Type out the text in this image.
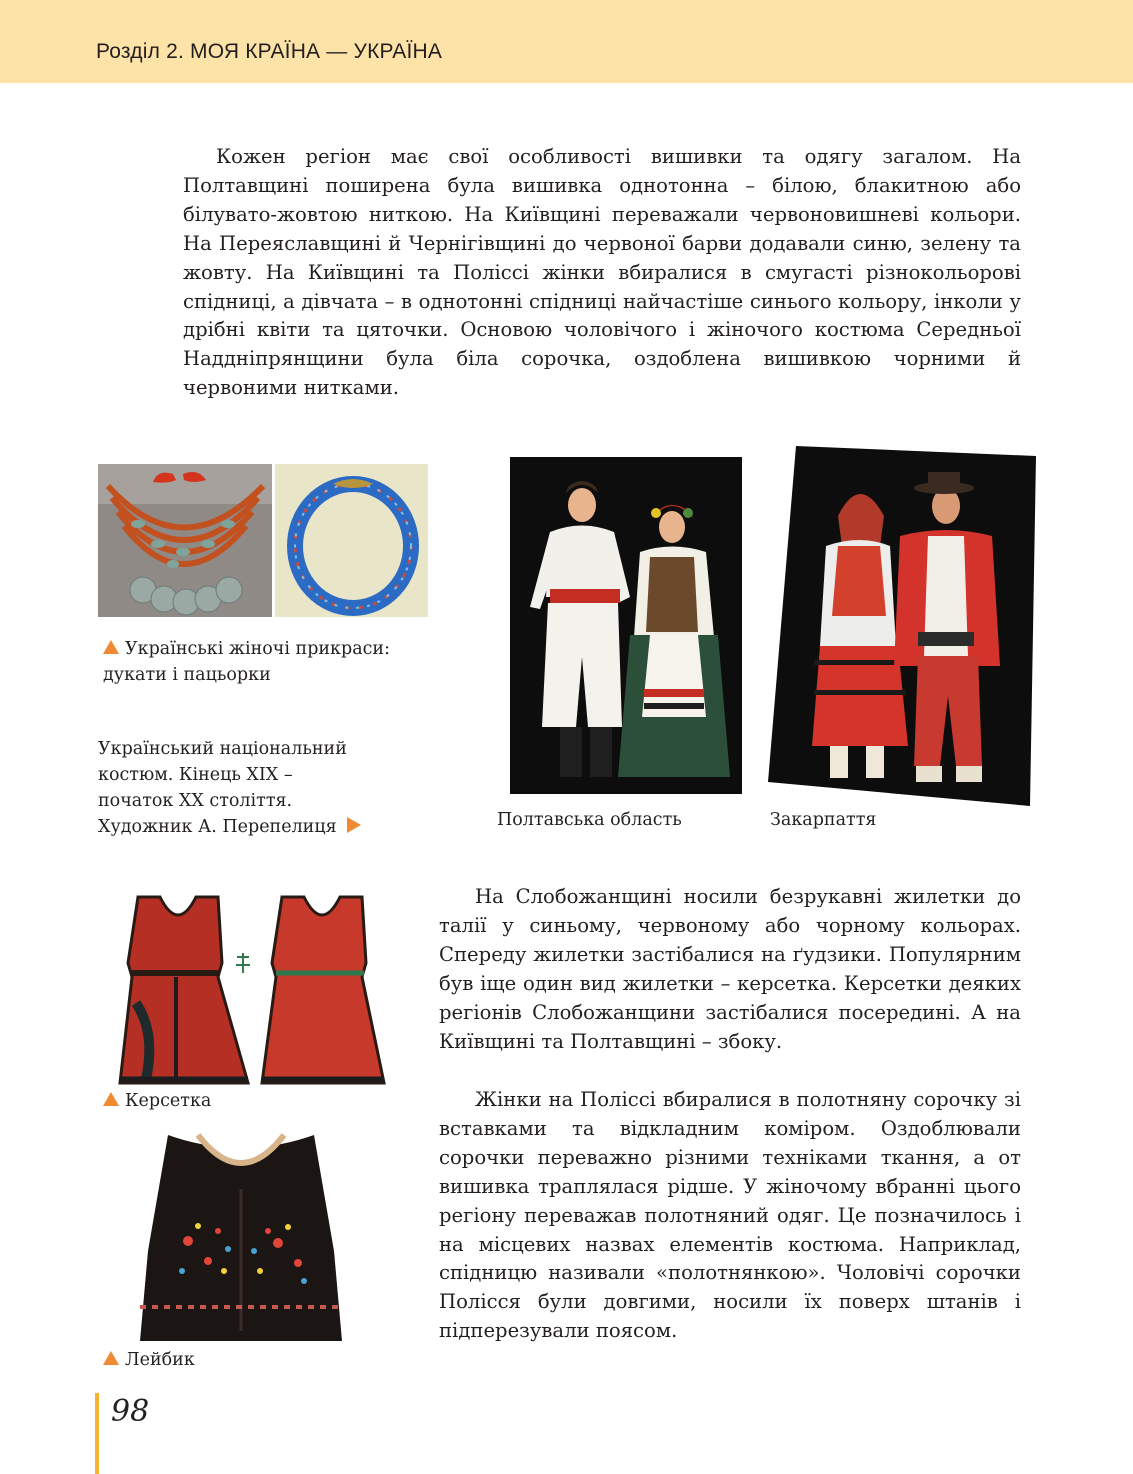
Розділ 2. МОЯ КРАЇНА — УКРАЇНА

Кожен регіон має свої особливості вишивки та одягу загалом. На Полтавщині поширена була вишивка однотонна – білою, блакитною або білувато-жовтою ниткою. На Київщині переважали червоновишневі кольори. На Переяславщині й Чернігівщині до червоної барви додавали синю, зелену та жовту. На Київщині та Поліссі жінки вбиралися в смугасті різнокольорові спідниці, а дівчата – в однотонні спідниці найчастіше синього кольору, інколи у дрібні квіти та цяточки. Основою чоловічого і жіночого костюма Середньої Наддніпрянщини була біла сорочка, оздоблена вишивкою чорними й червоними нитками.

Українські жіночі прикраси:
дукати і пацьорки
Український національний
костюм. Кінець XIX –
початок XX століття.
Художник А. Перепелиця	Полтавська область	Закарпаття
Керсетка
Лейбик

На Слобожанщині носили безрукавні жилетки до талії у синьому, червоному або чорному кольорах. Спереду жилетки застібалися на ґудзики. Популярним був іще один вид жилетки – керсетка. Керсетки деяких регіонів Слобожанщини застібалися посередині. А на Київщині та Полтавщині – збоку.

Жінки на Поліссі вбиралися в полотняну сорочку зі вставками та відкладним коміром. Оздоблювали сорочки переважно різними техніками ткання, а от вишивка траплялася рідше. У жіночому вбранні цього регіону переважав полотняний одяг. Це позначилось і на місцевих назвах елементів костюма. Наприклад, спідницю називали «полотнянкою». Чоловічі сорочки Полісся були довгими, носили їх поверх штанів і підперезували поясом.

98
